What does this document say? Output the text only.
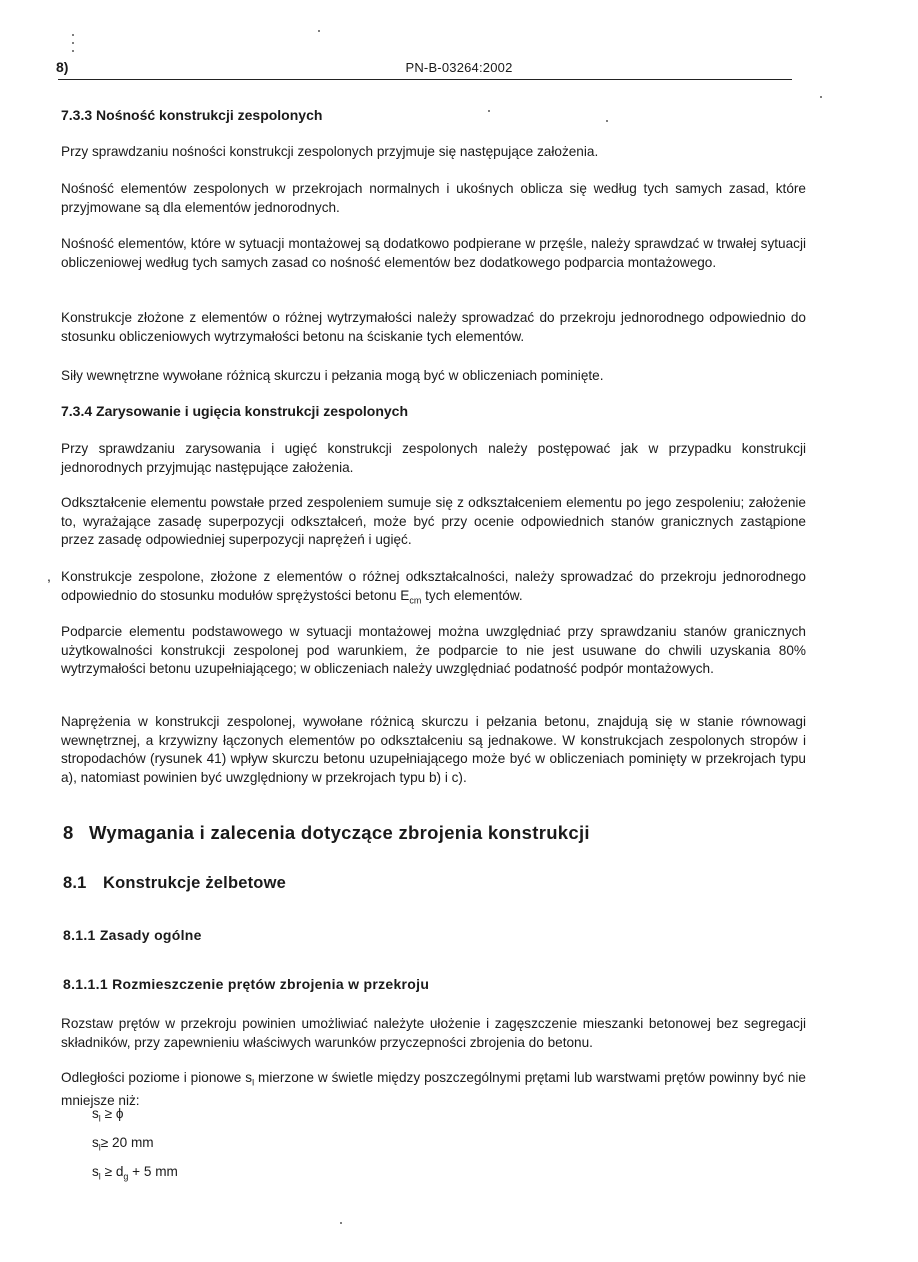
8)	PN-B-03264:2002
7.3.3 Nośność konstrukcji zespolonych

Przy sprawdzaniu nośności konstrukcji zespolonych przyjmuje się następujące założenia.

Nośność elementów zespolonych w przekrojach normalnych i ukośnych oblicza się według tych samych zasad, które przyjmowane są dla elementów jednorodnych.

Nośność elementów, które w sytuacji montażowej są dodatkowo podpierane w przęśle, należy sprawdzać w trwałej sytuacji obliczeniowej według tych samych zasad co nośność elementów bez dodatkowego podparcia montażowego.

Konstrukcje złożone z elementów o różnej wytrzymałości należy sprowadzać do przekroju jednorodnego odpowiednio do stosunku obliczeniowych wytrzymałości betonu na ściskanie tych elementów.

Siły wewnętrzne wywołane różnicą skurczu i pełzania mogą być w obliczeniach pominięte.

7.3.4 Zarysowanie i ugięcia konstrukcji zespolonych

Przy sprawdzaniu zarysowania i ugięć konstrukcji zespolonych należy postępować jak w przypadku konstrukcji jednorodnych przyjmując następujące założenia.

Odkształcenie elementu powstałe przed zespoleniem sumuje się z odkształceniem elementu po jego zespoleniu; założenie to, wyrażające zasadę superpozycji odkształceń, może być przy ocenie odpowiednich stanów granicznych zastąpione przez zasadę odpowiedniej superpozycji naprężeń i ugięć.

, Konstrukcje zespolone, złożone z elementów o różnej odkształcalności, należy sprowadzać do przekroju jednorodnego odpowiednio do stosunku modułów sprężystości betonu $E_{cm}$ tych elementów.

Podparcie elementu podstawowego w sytuacji montażowej można uwzględniać przy sprawdzaniu stanów granicznych użytkowalności konstrukcji zespolonej pod warunkiem, że podparcie to nie jest usuwane do chwili uzyskania 80% wytrzymałości betonu uzupełniającego; w obliczeniach należy uwzględniać podatność podpór montażowych.

Naprężenia w konstrukcji zespolonej, wywołane różnicą skurczu i pełzania betonu, znajdują się w stanie równowagi wewnętrznej, a krzywizny łączonych elementów po odkształceniu są jednakowe. W konstrukcjach zespolonych stropów i stropodachów (rysunek 41) wpływ skurczu betonu uzupełniającego może być w obliczeniach pominięty w przekrojach typu a), natomiast powinien być uwzględniony w przekrojach typu b) i c).

8 Wymagania i zalecenia dotyczące zbrojenia konstrukcji
8.1 Konstrukcje żelbetowe
8.1.1 Zasady ogólne
8.1.1.1 Rozmieszczenie prętów zbrojenia w przekroju

Rozstaw prętów w przekroju powinien umożliwiać należyte ułożenie i zagęszczenie mieszanki betonowej bez segregacji składników, przy zapewnieniu właściwych warunków przyczepności zbrojenia do betonu.

Odległości poziome i pionowe $s_l$ mierzone w świetle między poszczególnymi prętami lub warstwami prętów powinny być nie mniejsze niż:

$s_l \ge \phi$
$s_l\ge 20$ mm
$s_l \ge d_g + 5$ mm
